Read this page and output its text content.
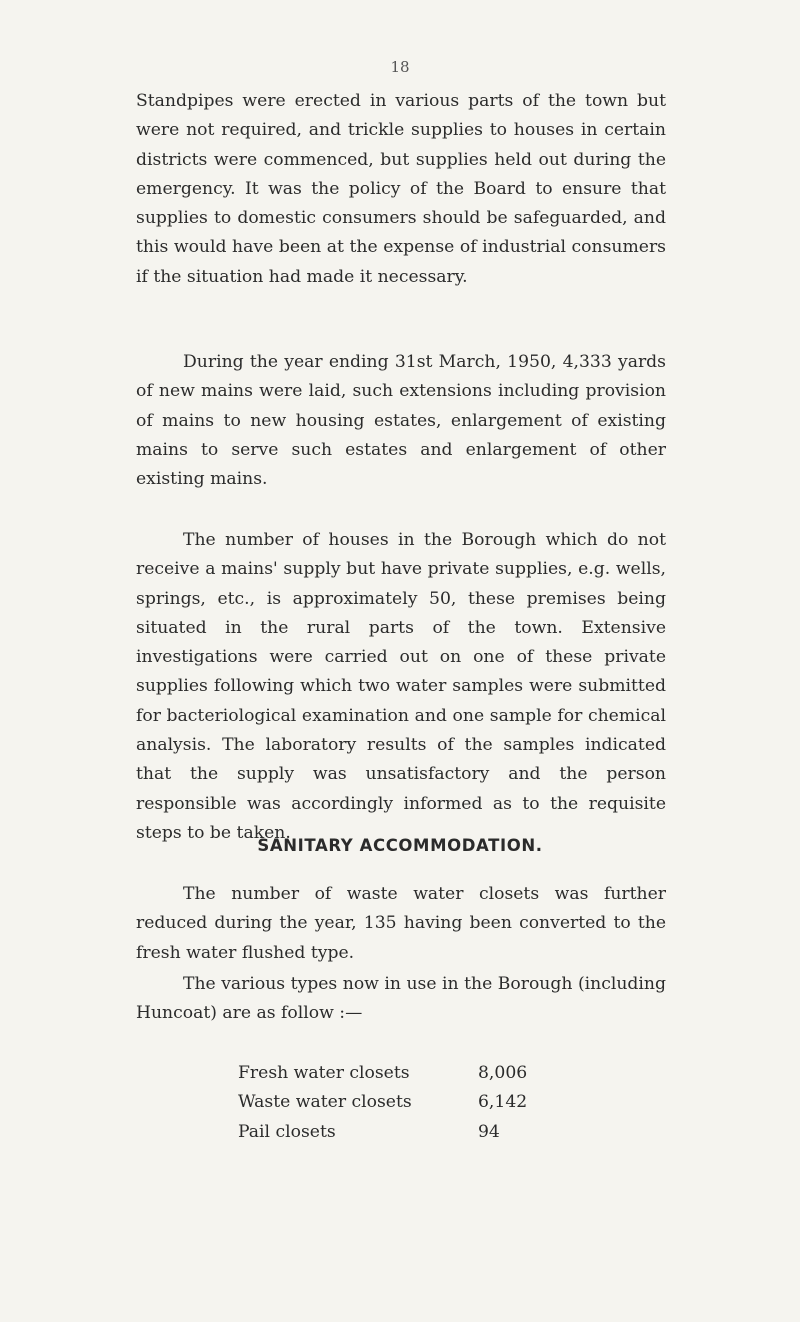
18

Standpipes were erected in various parts of the town but were not required, and trickle supplies to houses in certain districts were commenced, but supplies held out during the emergency. It was the policy of the Board to ensure that supplies to domestic consumers should be safeguarded, and this would have been at the expense of industrial consumers if the situation had made it necessary.

During the year ending 31st March, 1950, 4,333 yards of new mains were laid, such extensions including provision of mains to new housing estates, enlargement of existing mains to serve such estates and enlargement of other existing mains.

The number of houses in the Borough which do not receive a mains' supply but have private supplies, e.g. wells, springs, etc., is approximately 50, these premises being situated in the rural parts of the town. Extensive investigations were carried out on one of these private supplies following which two water samples were submitted for bacteriological examination and one sample for chemical analysis. The laboratory results of the samples indicated that the supply was unsatisfactory and the person responsible was accordingly informed as to the requisite steps to be taken.

SANITARY ACCOMMODATION.

The number of waste water closets was further reduced during the year, 135 having been converted to the fresh water flushed type.

The various types now in use in the Borough (including Huncoat) are as follow :—

Fresh water closets	8,006
Waste water closets	6,142
Pail closets	94
